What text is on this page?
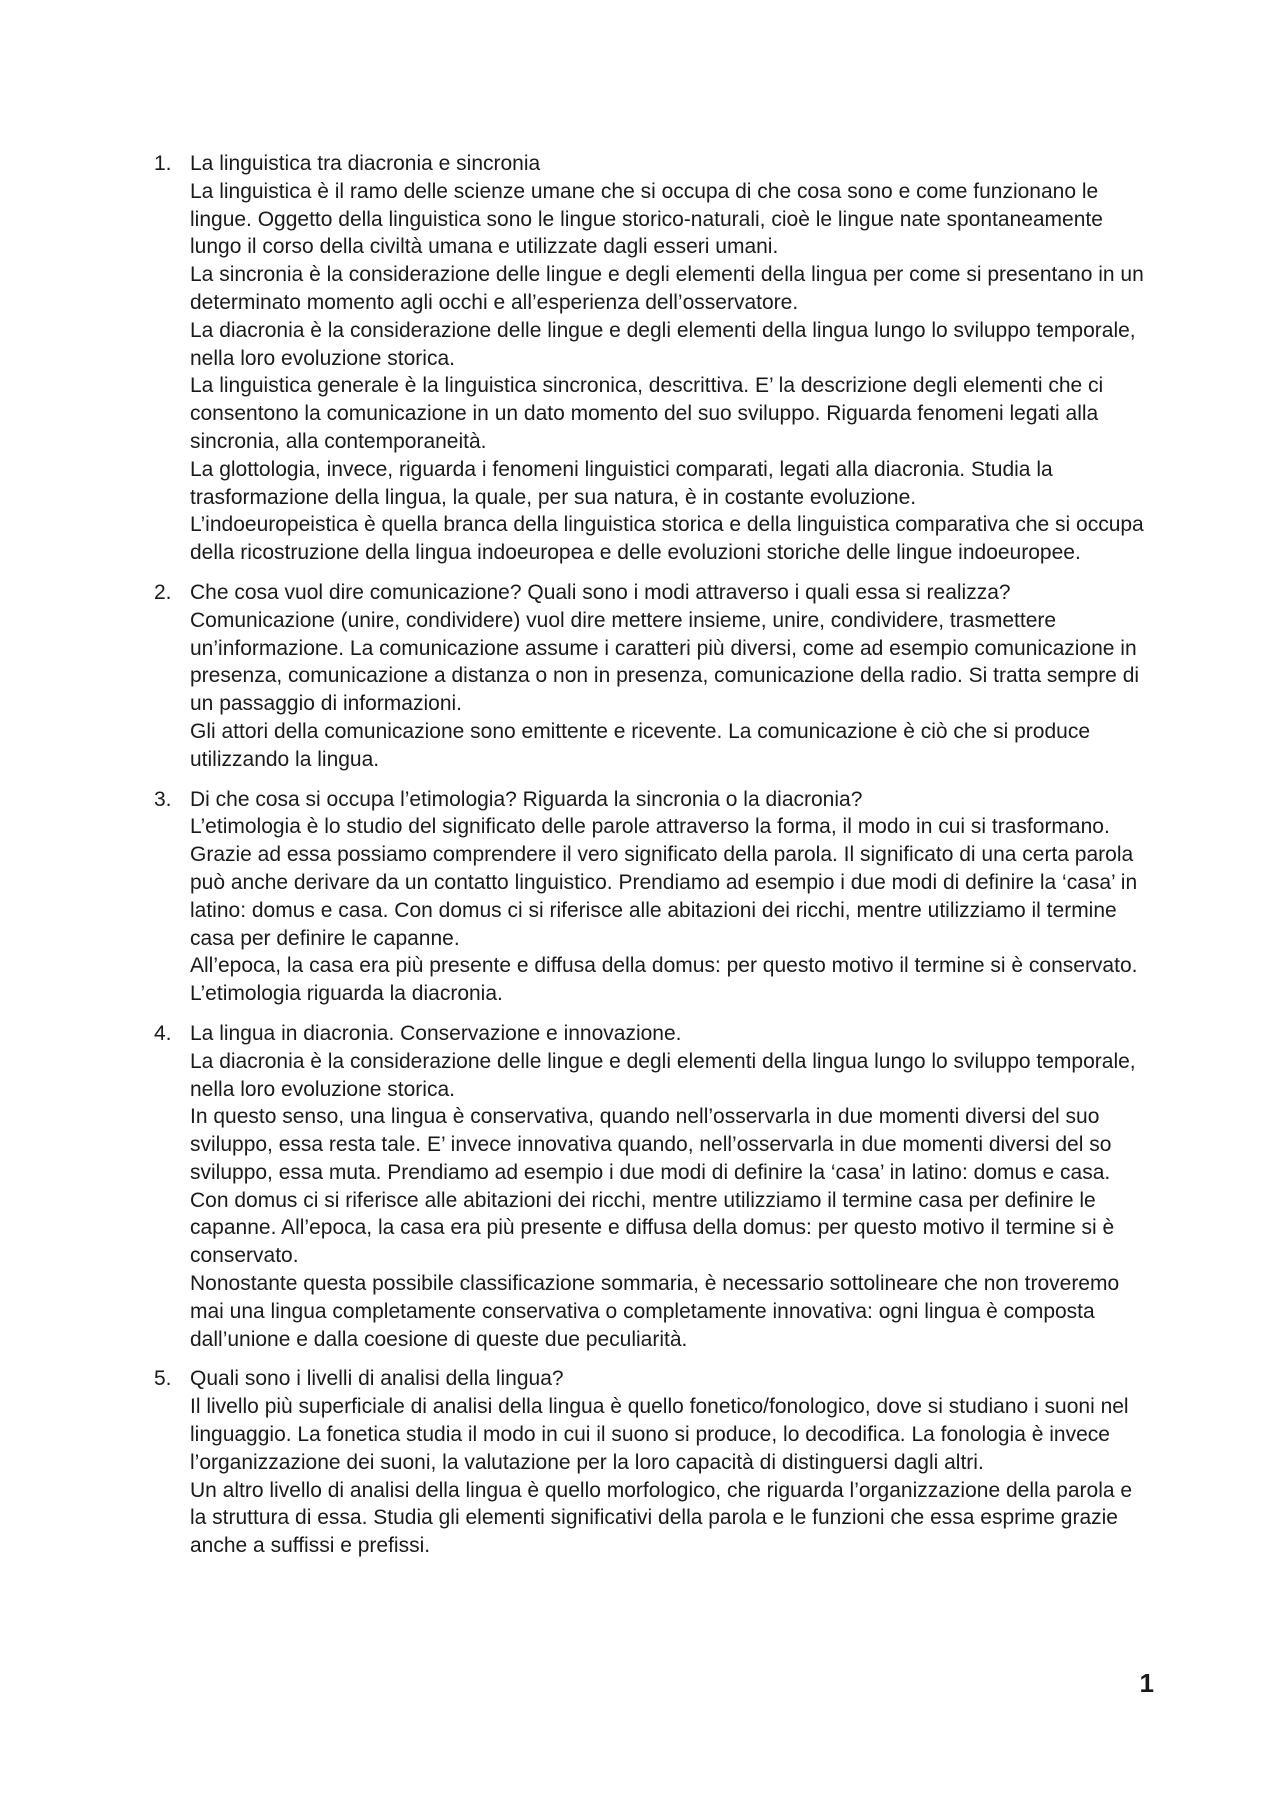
1. La linguistica tra diacronia e sincronia

La linguistica è il ramo delle scienze umane che si occupa di che cosa sono e come funzionano le lingue. Oggetto della linguistica sono le lingue storico-naturali, cioè le lingue nate spontaneamente lungo il corso della civiltà umana e utilizzate dagli esseri umani.

La sincronia è la considerazione delle lingue e degli elementi della lingua per come si presentano in un determinato momento agli occhi e all’esperienza dell’osservatore.

La diacronia è la considerazione delle lingue e degli elementi della lingua lungo lo sviluppo temporale, nella loro evoluzione storica.

La linguistica generale è la linguistica sincronica, descrittiva. E’ la descrizione degli elementi che ci consentono la comunicazione in un dato momento del suo sviluppo. Riguarda fenomeni legati alla sincronia, alla contemporaneità.

La glottologia, invece, riguarda i fenomeni linguistici comparati, legati alla diacronia. Studia la trasformazione della lingua, la quale, per sua natura, è in costante evoluzione.

L’indoeuropeistica è quella branca della linguistica storica e della linguistica comparativa che si occupa della ricostruzione della lingua indoeuropea e delle evoluzioni storiche delle lingue indoeuropee.

2. Che cosa vuol dire comunicazione? Quali sono i modi attraverso i quali essa si realizza?

Comunicazione (unire, condividere) vuol dire mettere insieme, unire, condividere, trasmettere un’informazione. La comunicazione assume i caratteri più diversi, come ad esempio comunicazione in presenza, comunicazione a distanza o non in presenza, comunicazione della radio. Si tratta sempre di un passaggio di informazioni.

Gli attori della comunicazione sono emittente e ricevente. La comunicazione è ciò che si produce utilizzando la lingua.

3. Di che cosa si occupa l’etimologia? Riguarda la sincronia o la diacronia?

L’etimologia è lo studio del significato delle parole attraverso la forma, il modo in cui si trasformano. Grazie ad essa possiamo comprendere il vero significato della parola. Il significato di una certa parola può anche derivare da un contatto linguistico. Prendiamo ad esempio i due modi di definire la ‘casa’ in latino: domus e casa. Con domus ci si riferisce alle abitazioni dei ricchi, mentre utilizziamo il termine casa per definire le capanne.

All’epoca, la casa era più presente e diffusa della domus: per questo motivo il termine si è conservato.

L’etimologia riguarda la diacronia.

4. La lingua in diacronia. Conservazione e innovazione.

La diacronia è la considerazione delle lingue e degli elementi della lingua lungo lo sviluppo temporale, nella loro evoluzione storica.

In questo senso, una lingua è conservativa, quando nell’osservarla in due momenti diversi del suo sviluppo, essa resta tale. E’ invece innovativa quando, nell’osservarla in due momenti diversi del so sviluppo, essa muta. Prendiamo ad esempio i due modi di definire la ‘casa’ in latino: domus e casa. Con domus ci si riferisce alle abitazioni dei ricchi, mentre utilizziamo il termine casa per definire le capanne. All’epoca, la casa era più presente e diffusa della domus: per questo motivo il termine si è conservato.

Nonostante questa possibile classificazione sommaria, è necessario sottolineare che non troveremo mai una lingua completamente conservativa o completamente innovativa: ogni lingua è composta dall’unione e dalla coesione di queste due peculiarità.

5. Quali sono i livelli di analisi della lingua?

Il livello più superficiale di analisi della lingua è quello fonetico/fonologico, dove si studiano i suoni nel linguaggio. La fonetica studia il modo in cui il suono si produce, lo decodifica. La fonologia è invece l’organizzazione dei suoni, la valutazione per la loro capacità di distinguersi dagli altri.

Un altro livello di analisi della lingua è quello morfologico, che riguarda l’organizzazione della parola e la struttura di essa. Studia gli elementi significativi della parola e le funzioni che essa esprime grazie anche a suffissi e prefissi.

1
